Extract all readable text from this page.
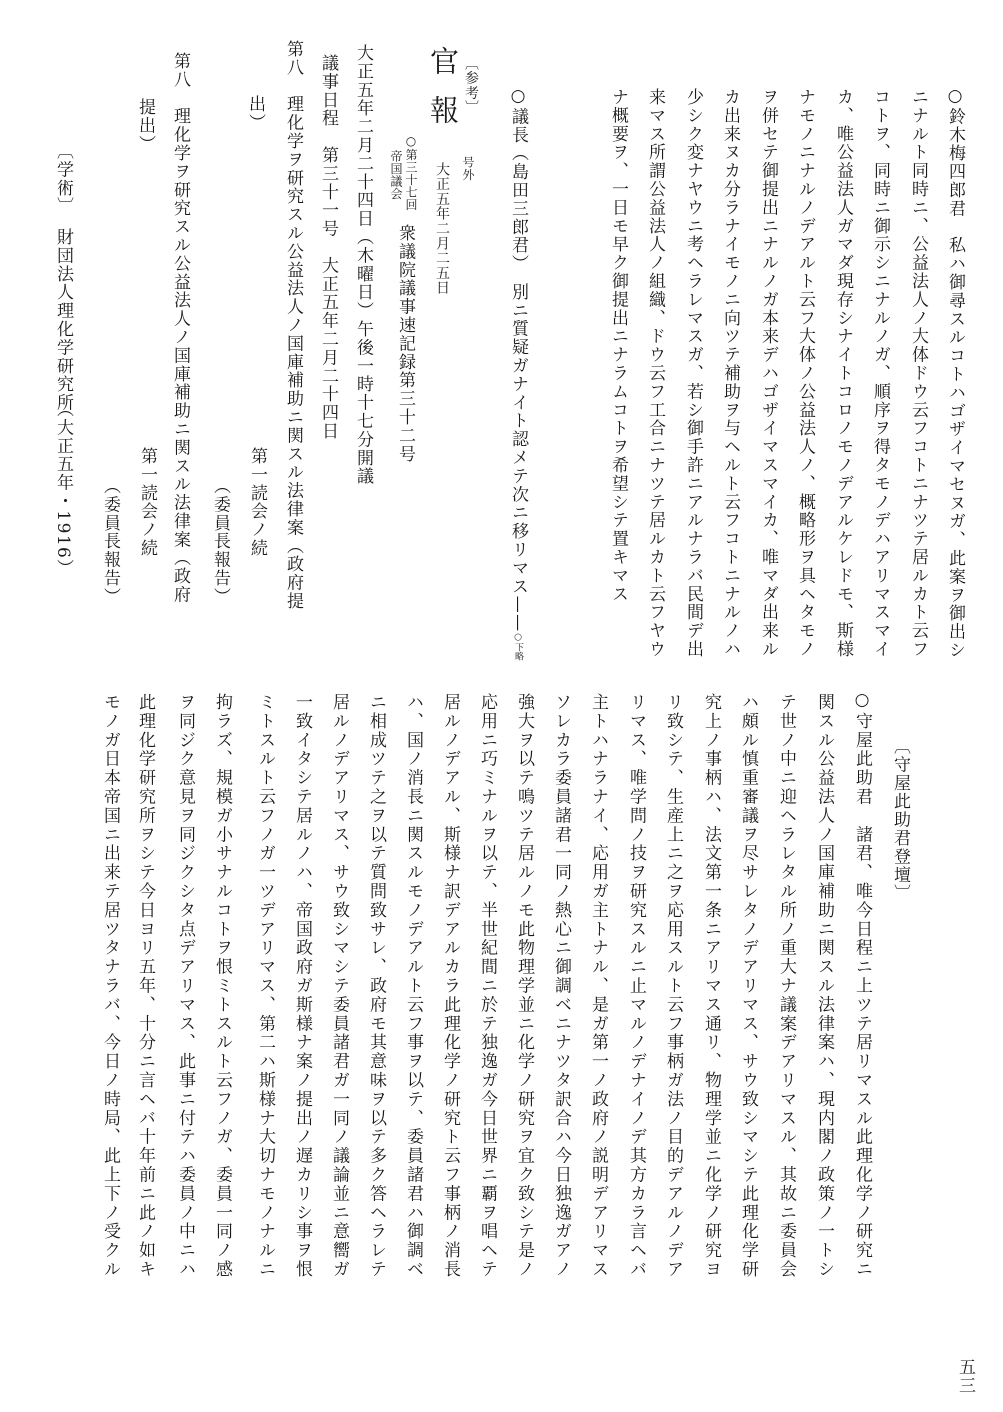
○鈴木梅四郎君　私ハ御尋スルコトハゴザイマセヌガ、此案ヲ御出シ
ニナルト同時ニ、公益法人ノ大体ドウ云フコトニナツテ居ルカト云フ
コトヲ、同時ニ御示シニナルノガ、順序ヲ得タモノデハアリマスマイ
カ、唯公益法人ガマダ現存シナイトコロノモノデアルケレドモ、斯様
ナモノニナルノデアルト云フ大体ノ公益法人ノ、概略形ヲ具ヘタモノ
ヲ併セテ御提出ニナルノガ本来デハゴザイマスマイカ、唯マダ出来ル
カ出来ヌカ分ラナイモノニ向ツテ補助ヲ与ヘルト云フコトニナルノハ
少シク変ナヤウニ考ヘラレマスガ、若シ御手許ニアルナラバ民間デ出
来マス所謂公益法人ノ組織、ドウ云フ工合ニナツテ居ルカト云フヤウ
ナ概要ヲ、一日モ早ク御提出ニナラムコトヲ希望シテ置キマス
○議長（島田三郎君）　別ニ質疑ガナイト認メテ次ニ移リマス——○下略
〔参考〕
官報
号外
大正五年二月二五日
○第三十七回
帝国議会
衆議院議事速記録第三十二号
大正五年二月二十四日（木曜日）午後一時十七分開議
議事日程　第三十一号　大正五年二月二十四日
第八　理化学ヲ研究スル公益法人ノ国庫補助ニ関スル法律案（政府提
出）
第一読会ノ続
（委員長報告）
第八　理化学ヲ研究スル公益法人ノ国庫補助ニ関スル法律案（政府
提出）
第一読会ノ続
（委員長報告）
〔学術〕
財団法人理化学研究所
（大正五年・1916）
〔守屋此助君登壇〕
○守屋此助君　諸君、唯今日程ニ上ツテ居リマスル此理化学ノ研究ニ
関スル公益法人ノ国庫補助ニ関スル法律案ハ、現内閣ノ政策ノ一トシ
テ世ノ中ニ迎ヘラレタル所ノ重大ナ議案デアリマスル、其故ニ委員会
ハ頗ル慎重審議ヲ尽サレタノデアリマス、サウ致シマシテ此理化学研
究上ノ事柄ハ、法文第一条ニアリマス通リ、物理学並ニ化学ノ研究ヨ
リ致シテ、生産上ニ之ヲ応用スルト云フ事柄ガ法ノ目的デアルノデア
リマス、唯学問ノ技ヲ研究スルニ止マルノデナイノデ其方カラ言ヘバ
主トハナラナイ、応用ガ主トナル、是ガ第一ノ政府ノ説明デアリマス
ソレカラ委員諸君一同ノ熱心ニ御調ベニナツタ訳合ハ今日独逸ガアノ
強大ヲ以テ鳴ツテ居ルノモ此物理学並ニ化学ノ研究ヲ宜ク致シテ是ノ
応用ニ巧ミナルヲ以テ、半世紀間ニ於テ独逸ガ今日世界ニ覇ヲ唱ヘテ
居ルノデアル、斯様ナ訳デアルカラ此理化学ノ研究ト云フ事柄ノ消長
ハ、国ノ消長ニ関スルモノデアルト云フ事ヲ以テ、委員諸君ハ御調ベ
ニ相成ツテ之ヲ以テ質問致サレ、政府モ其意味ヲ以テ多ク答ヘラレテ
居ルノデアリマス、サウ致シマシテ委員諸君ガ一同ノ議論並ニ意嚮ガ
一致イタシテ居ルノハ、帝国政府ガ斯様ナ案ノ提出ノ遅カリシ事ヲ恨
ミトスルト云フノガ一ツデアリマス、第二ハ斯様ナ大切ナモノナルニ
拘ラズ、規模ガ小サナルコトヲ恨ミトスルト云フノガ、委員一同ノ感
ヲ同ジク意見ヲ同ジクシタ点デアリマス、此事ニ付テハ委員ノ中ニハ
此理化学研究所ヲシテ今日ヨリ五年、十分ニ言ヘバ十年前ニ此ノ如キ
モノガ日本帝国ニ出来テ居ツタナラバ、今日ノ時局、此上下ノ受クル
五三
